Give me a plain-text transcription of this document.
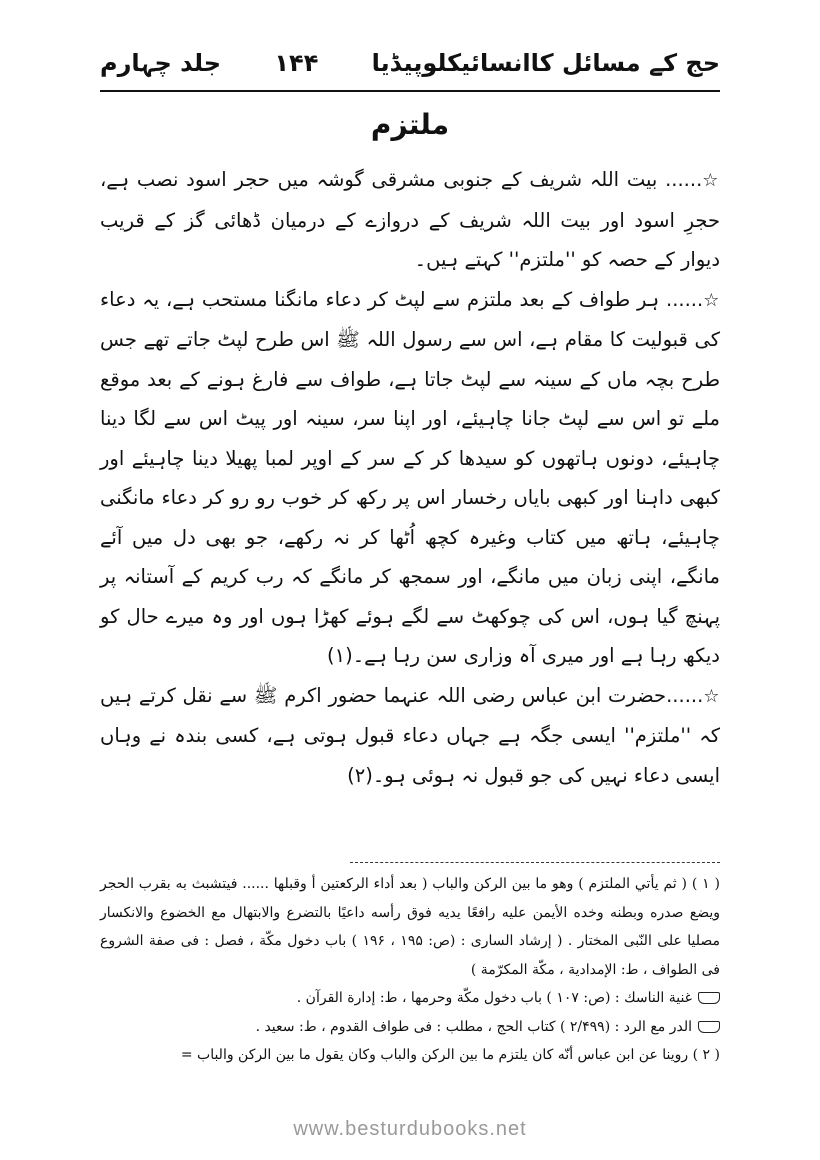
حج کے مسائل کاانسائیکلوپیڈیا
۱۴۴
جلد چہارم
ملتزم

☆...... بیت اللہ شریف کے جنوبی مشرقی گوشہ میں حجر اسود نصب ہے، حجرِ اسود اور بیت اللہ شریف کے دروازے کے درمیان ڈھائی گز کے قریب دیوار کے حصہ کو ''ملتزم'' کہتے ہیں۔

☆...... ہر طواف کے بعد ملتزم سے لپٹ کر دعاء مانگنا مستحب ہے، یہ دعاء کی قبولیت کا مقام ہے، اس سے رسول اللہ ﷺ اس طرح لپٹ جاتے تھے جس طرح بچہ ماں کے سینہ سے لپٹ جاتا ہے، طواف سے فارغ ہونے کے بعد موقع ملے تو اس سے لپٹ جانا چاہیئے، اور اپنا سر، سینہ اور پیٹ اس سے لگا دینا چاہیئے، دونوں ہاتھوں کو سیدھا کر کے سر کے اوپر لمبا پھیلا دینا چاہیئے اور کبھی داہنا اور کبھی بایاں رخسار اس پر رکھ کر خوب رو رو کر دعاء مانگنی چاہیئے، ہاتھ میں کتاب وغیرہ کچھ اُٹھا کر نہ رکھے، جو بھی دل میں آئے مانگے، اپنی زبان میں مانگے، اور سمجھ کر مانگے کہ رب کریم کے آستانہ پر پہنچ گیا ہوں، اس کی چوکھٹ سے لگے ہوئے کھڑا ہوں اور وہ میرے حال کو دیکھ رہا ہے اور میری آہ وزاری سن رہا ہے۔(۱)

☆......حضرت ابن عباس رضی اللہ عنہما حضور اکرم ﷺ سے نقل کرتے ہیں کہ ''ملتزم'' ایسی جگہ ہے جہاں دعاء قبول ہوتی ہے، کسی بندہ نے وہاں ایسی دعاء نہیں کی جو قبول نہ ہوئی ہو۔(۲)

( ۱ ) ( ثم يأتي الملتزم ) وهو ما بين الركن والباب ( بعد أداء الركعتين أ وقبلها ...... فيتشبث به بقرب الحجر ويضع صدره وبطنه وخده الأيمن عليه رافعًا يديه فوق رأسه داعيًا بالتضرع والابتهال مع الخضوع والانكسار مصليا على النّبى المختار . ( إرشاد السارى : (ص: ۱۹۵ ، ۱۹۶ ) باب دخول مكّة ، فصل : فى صفة الشروع فى الطواف ، ط: الإمدادية ، مكّة المكرّمة )

غنية الناسك : (ص: ۱۰۷ ) باب دخول مكّة وحرمها ، ط: إدارة القرآن .

الدر مع الرد : (۲/۴۹۹ ) كتاب الحج ، مطلب : فى طواف القدوم ، ط: سعيد .

( ۲ ) روينا عن ابن عباس أنّه كان يلتزم ما بين الركن والباب وكان يقول ما بين الركن والباب =

www.besturdubooks.net
